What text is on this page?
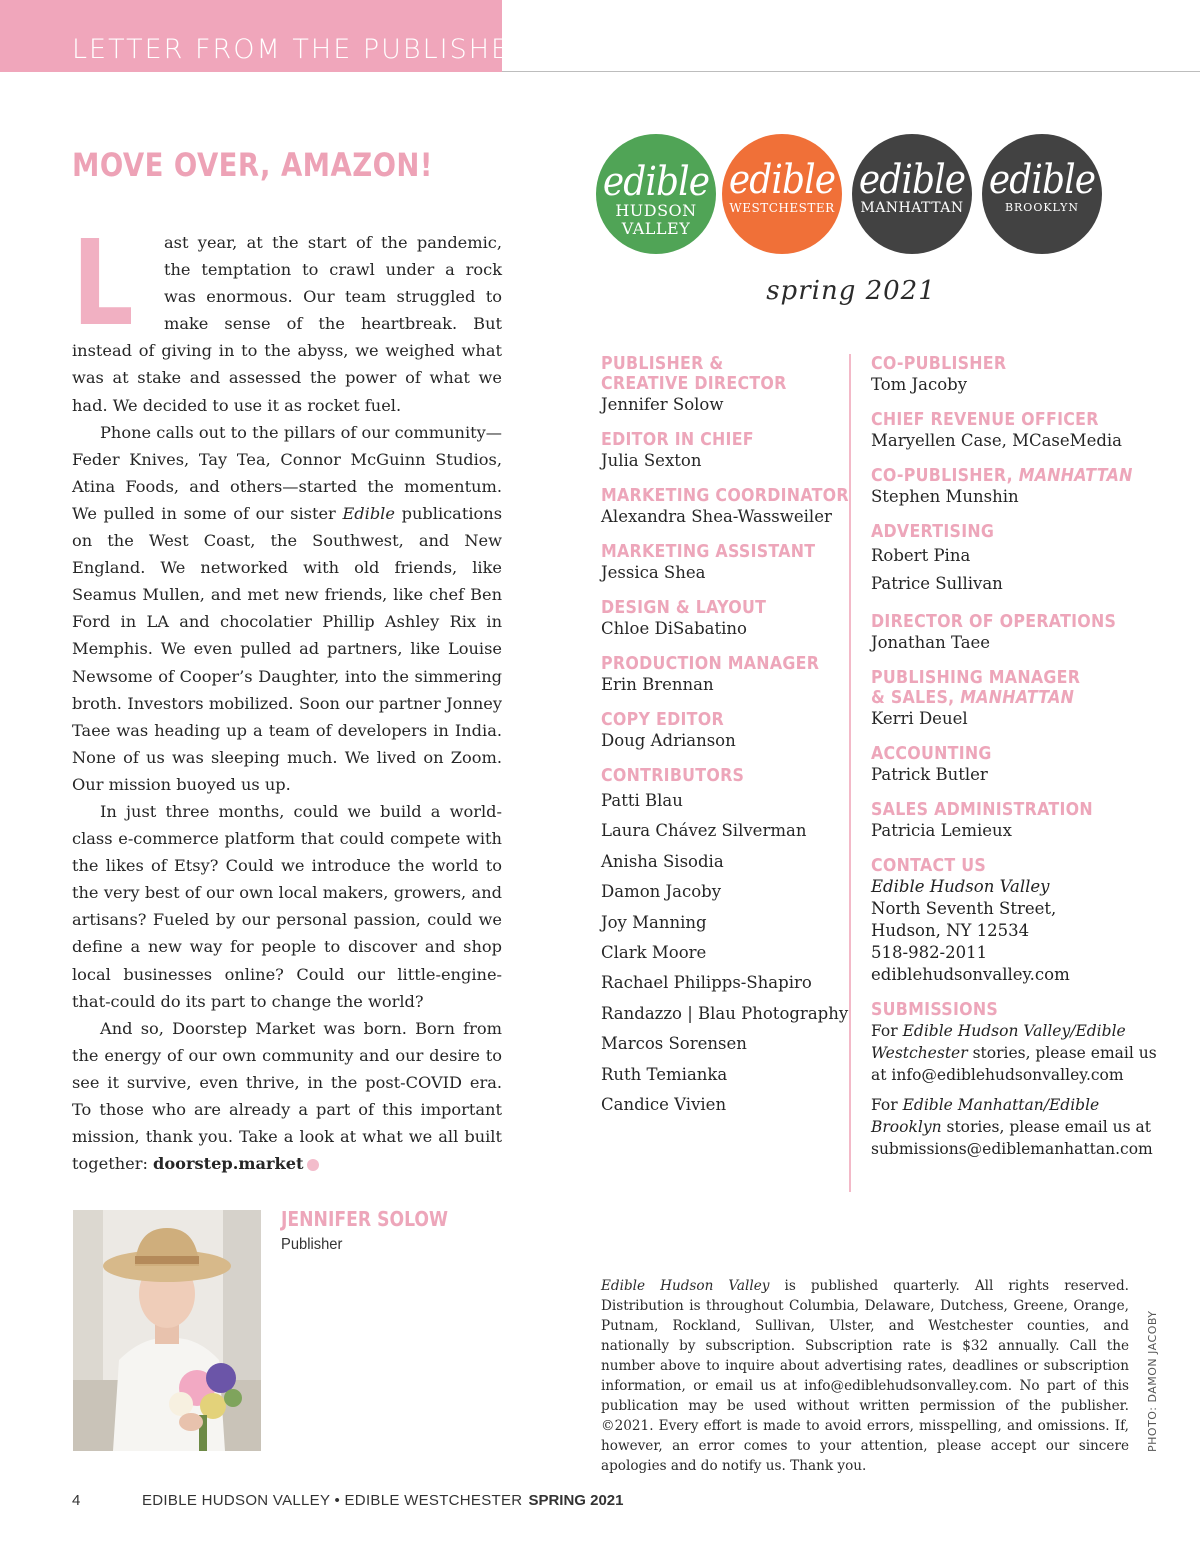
LETTER FROM THE PUBLISHER
MOVE OVER, AMAZON!

L ast year, at the start of the pandemic, the temptation to crawl under a rock was enormous. Our team struggled to make sense of the heartbreak. But instead of giving in to the abyss, we weighed what was at stake and assessed the power of what we had. We decided to use it as rocket fuel.

Phone calls out to the pillars of our community—Feder Knives, Tay Tea, Connor McGuinn Studios, Atina Foods, and others—started the momentum. We pulled in some of our sister Edible publications on the West Coast, the Southwest, and New England. We networked with old friends, like Seamus Mullen, and met new friends, like chef Ben Ford in LA and chocolatier Phillip Ashley Rix in Memphis. We even pulled ad partners, like Louise Newsome of Cooper’s Daughter, into the simmering broth. Investors mobilized. Soon our partner Jonney Taee was heading up a team of developers in India. None of us was sleeping much. We lived on Zoom. Our mission buoyed us up.

In just three months, could we build a world-class e-commerce platform that could compete with the likes of Etsy? Could we introduce the world to the very best of our own local makers, growers, and artisans? Fueled by our personal passion, could we define a new way for people to discover and shop local businesses online? Could our little-engine-that-could do its part to change the world?

And so, Doorstep Market was born. Born from the energy of our own community and our desire to see it survive, even thrive, in the post-COVID era. To those who are already a part of this important mission, thank you. Take a look at what we all built together: doorstep.market

edible
HUDSON
VALLEY
edible
WESTCHESTER
edible
MANHATTAN
edible
BROOKLYN
spring 2021
PUBLISHER &
CREATIVE DIRECTOR
Jennifer Solow
EDITOR IN CHIEF
Julia Sexton
MARKETING COORDINATOR
Alexandra Shea-Wassweiler
MARKETING ASSISTANT
Jessica Shea
DESIGN & LAYOUT
Chloe DiSabatino
PRODUCTION MANAGER
Erin Brennan
COPY EDITOR
Doug Adrianson
CONTRIBUTORS
Patti Blau
Laura Chávez Silverman
Anisha Sisodia
Damon Jacoby
Joy Manning
Clark Moore
Rachael Philipps-Shapiro
Randazzo | Blau Photography
Marcos Sorensen
Ruth Temianka
Candice Vivien
CO-PUBLISHER
Tom Jacoby
CHIEF REVENUE OFFICER
Maryellen Case, MCaseMedia
CO-PUBLISHER, MANHATTAN
Stephen Munshin
ADVERTISING
Robert Pina
Patrice Sullivan
DIRECTOR OF OPERATIONS
Jonathan Taee
PUBLISHING MANAGER
& SALES, MANHATTAN
Kerri Deuel
ACCOUNTING
Patrick Butler
SALES ADMINISTRATION
Patricia Lemieux
CONTACT US
Edible Hudson Valley
North Seventh Street,
Hudson, NY 12534
518-982-2011
ediblehudsonvalley.com
SUBMISSIONS
For Edible Hudson Valley/Edible
Westchester stories, please email us
at info@ediblehudsonvalley.com
For Edible Manhattan/Edible
Brooklyn stories, please email us at
submissions@ediblemanhattan.com
JENNIFER SOLOW
Publisher
Edible Hudson Valley is published quarterly. All rights reserved. Distribution is throughout Columbia, Delaware, Dutchess, Greene, Orange, Putnam, Rockland, Sullivan, Ulster, and Westchester counties, and nationally by subscription. Subscription rate is $32 annually. Call the number above to inquire about advertising rates, deadlines or subscription information, or email us at info@ediblehudsonvalley.com. No part of this publication may be used without written permission of the publisher. ©2021. Every effort is made to avoid errors, misspelling, and omissions. If, however, an error comes to your attention, please accept our sincere apologies and do notify us. Thank you.
PHOTO: DAMON JACOBY
4	EDIBLE HUDSON VALLEY • EDIBLE WESTCHESTER SPRING 2021
